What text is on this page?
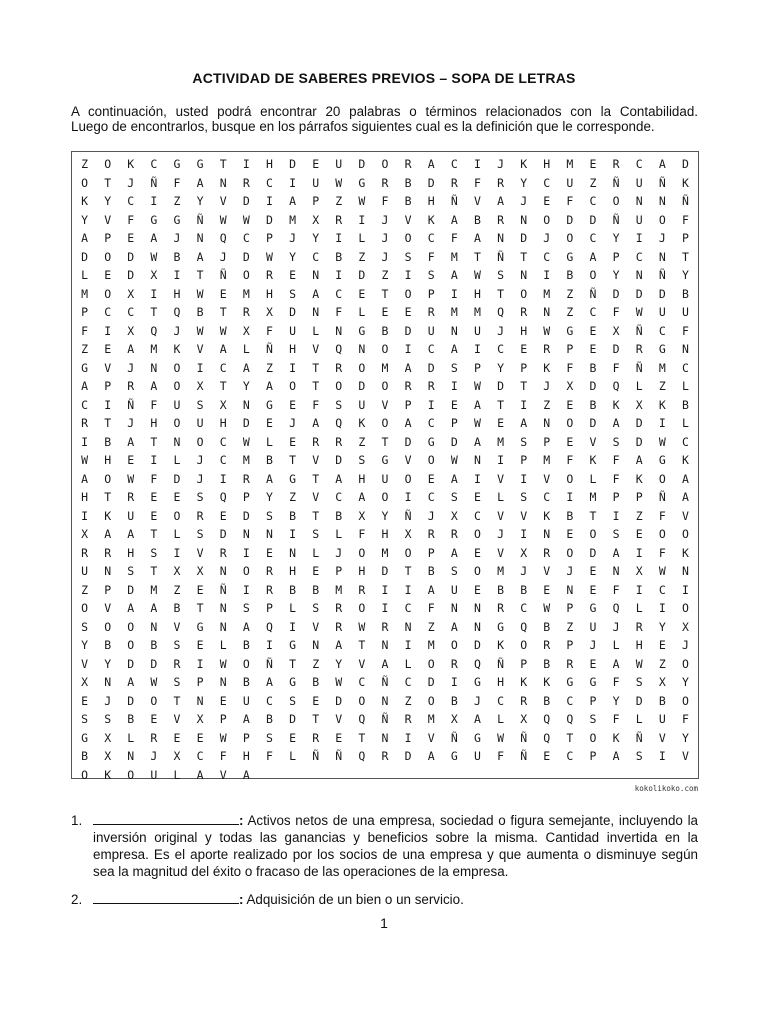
ACTIVIDAD DE SABERES PREVIOS – SOPA DE LETRAS
A continuación, usted podrá encontrar 20 palabras o términos relacionados con la Contabilidad.
Luego de encontrarlos, busque en los párrafos siguientes cual es la definición que le corresponde.
Z	O	K	C	G	G	T	I	H	D	E	U	D	O	R	A	C	I	J	K	H	M	E	R	C	A	D
O	T	J	Ñ	F	A	N	R	C	I	U	W	G	R	B	D	R	F	R	Y	C	U	Z	Ñ	U	Ñ	K
K	Y	C	I	Z	Y	V	D	I	A	P	Z	W	F	B	H	Ñ	V	A	J	E	F	C	O	N	N	Ñ
Y	V	F	G	G	Ñ	W	W	D	M	X	R	I	J	V	K	A	B	R	N	O	D	D	Ñ	U	O	F
A	P	E	A	J	N	Q	C	P	J	Y	I	L	J	O	C	F	A	N	D	J	O	C	Y	I	J	P
D	O	D	W	B	A	J	D	W	Y	C	B	Z	J	S	F	M	T	Ñ	T	C	G	A	P	C	N	T
L	E	D	X	I	T	Ñ	O	R	E	N	I	D	Z	I	S	A	W	S	N	I	B	O	Y	N	Ñ	Y
M	O	X	I	H	W	E	M	H	S	A	C	E	T	O	P	I	H	T	O	M	Z	Ñ	D	D	D	B
P	C	C	T	Q	B	T	R	X	D	N	F	L	E	E	R	M	M	Q	R	N	Z	C	F	W	U	U
F	I	X	Q	J	W	W	X	F	U	L	N	G	B	D	U	N	U	J	H	W	G	E	X	Ñ	C	F
Z	E	A	M	K	V	A	L	Ñ	H	V	Q	N	O	I	C	A	I	C	E	R	P	E	D	R	G	N
G	V	J	N	O	I	C	A	Z	I	T	R	O	M	A	D	S	P	Y	P	K	F	B	F	Ñ	M	C
A	P	R	A	O	X	T	Y	A	O	T	O	D	O	R	R	I	W	D	T	J	X	D	Q	L	Z	L
C	I	Ñ	F	U	S	X	N	G	E	F	S	U	V	P	I	E	A	T	I	Z	E	B	K	X	K	B
R	T	J	H	O	U	H	D	E	J	A	Q	K	O	A	C	P	W	E	A	N	O	D	A	D	I	L
I	B	A	T	N	O	C	W	L	E	R	R	Z	T	D	G	D	A	M	S	P	E	V	S	D	W	C
W	H	E	I	L	J	C	M	B	T	V	D	S	G	V	O	W	N	I	P	M	F	K	F	A	G	K
A	O	W	F	D	J	I	R	A	G	T	A	H	U	O	E	A	I	V	I	V	O	L	F	K	O	A
H	T	R	E	E	S	Q	P	Y	Z	V	C	A	O	I	C	S	E	L	S	C	I	M	P	P	Ñ	A
I	K	U	E	O	R	E	D	S	B	T	B	X	Y	Ñ	J	X	C	V	V	K	B	T	I	Z	F	V
X	A	A	T	L	S	D	N	N	I	S	L	F	H	X	R	R	O	J	I	N	E	O	S	E	O	O
R	R	H	S	I	V	R	I	E	N	L	J	O	M	O	P	A	E	V	X	R	O	D	A	I	F	K
U	N	S	T	X	X	N	O	R	H	E	P	H	D	T	B	S	O	M	J	V	J	E	N	X	W	N
Z	P	D	M	Z	E	Ñ	I	R	B	B	M	R	I	I	A	U	E	B	B	E	N	E	F	I	C	I
O	V	A	A	B	T	N	S	P	L	S	R	O	I	C	F	N	N	R	C	W	P	G	Q	L	I	O
S	O	O	N	V	G	N	A	Q	I	V	R	W	R	N	Z	A	N	G	Q	B	Z	U	J	R	Y	X
Y	B	O	B	S	E	L	B	I	G	N	A	T	N	I	M	O	D	K	O	R	P	J	L	H	E	J
V	Y	D	D	R	I	W	O	Ñ	T	Z	Y	V	A	L	O	R	Q	Ñ	P	B	R	E	A	W	Z	O
X	N	A	W	S	P	N	B	A	G	B	W	C	Ñ	C	D	I	G	H	K	K	G	G	F	S	X	Y
E	J	D	O	T	N	E	U	C	S	E	D	O	N	Z	O	B	J	C	R	B	C	P	Y	D	B	O
S	S	B	E	V	X	P	A	B	D	T	V	Q	Ñ	R	M	X	A	L	X	Q	Q	S	F	L	U	F
G	X	L	R	E	E	W	P	S	E	R	E	T	N	I	V	Ñ	G	W	Ñ	Q	T	O	K	Ñ	V	Y
B	X	N	J	X	C	F	H	F	L	Ñ	Ñ	Q	R	D	A	G	U	F	Ñ	E	C	P	A	S	I	V
O	K	O	U	L	A	V	A
kokolikoko.com
1.	: Activos netos de una empresa, sociedad o figura semejante, incluyendo la inversión original y todas las ganancias y beneficios sobre la misma. Cantidad invertida en la empresa. Es el aporte realizado por los socios de una empresa y que aumenta o disminuye según sea la magnitud del éxito o fracaso de las operaciones de la empresa.
2.	: Adquisición de un bien o un servicio.
1
